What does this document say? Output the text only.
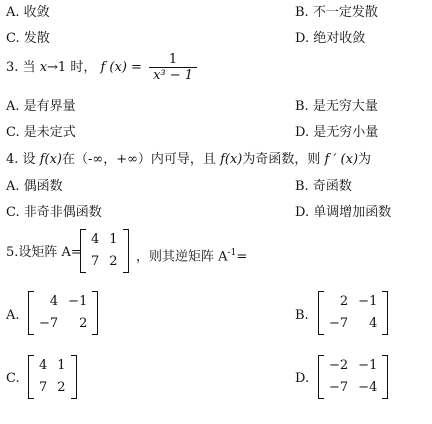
A. 收敛	B. 不一定发散
C. 发散	D. 绝对收敛
3. 当 x→1 时， f $(x) = \frac{1}{\text{x³ − 1}}$
A. 是有界量	B. 是无穷大量
C. 是未定式	D. 是无穷小量
4. 设 f(x)在（-∞，+∞）内可导，且 f(x)为奇函数，则 f ′ (x)为
A. 偶函数	B. 奇函数
C. 非奇非偶函数	D. 单调增加函数
5.设矩阵 A=
4	1
7	2 ，则其逆矩阵 $A^{-1}=$
A.
4	−1
−7	2
B.
2	−1
−7	4
C.
4	1
7	2
D.
−2	−1
−7	−4
